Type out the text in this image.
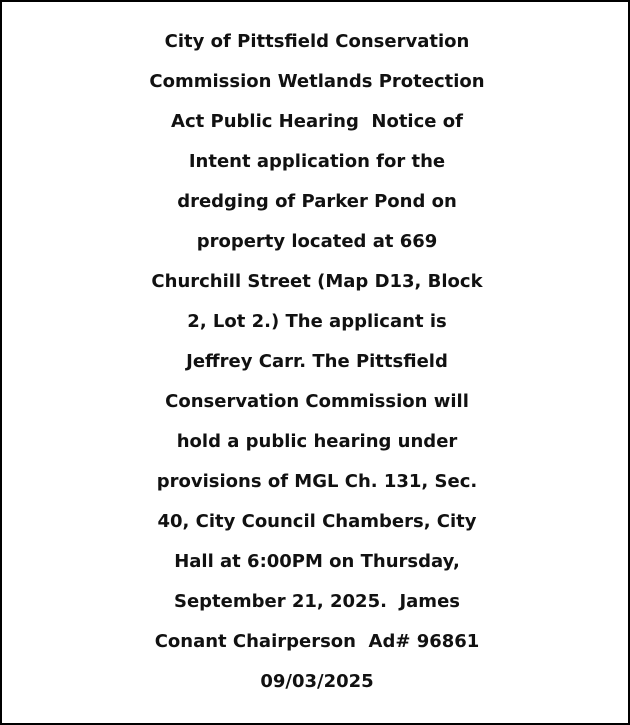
City of Pittsfield Conservation
Commission Wetlands Protection
Act Public Hearing  Notice of
Intent application for the
dredging of Parker Pond on
property located at 669
Churchill Street (Map D13, Block
2, Lot 2.) The applicant is
Jeffrey Carr. The Pittsfield
Conservation Commission will
hold a public hearing under
provisions of MGL Ch. 131, Sec.
40, City Council Chambers, City
Hall at 6:00PM on Thursday,
September 21, 2025.  James
Conant Chairperson  Ad# 96861
09/03/2025
